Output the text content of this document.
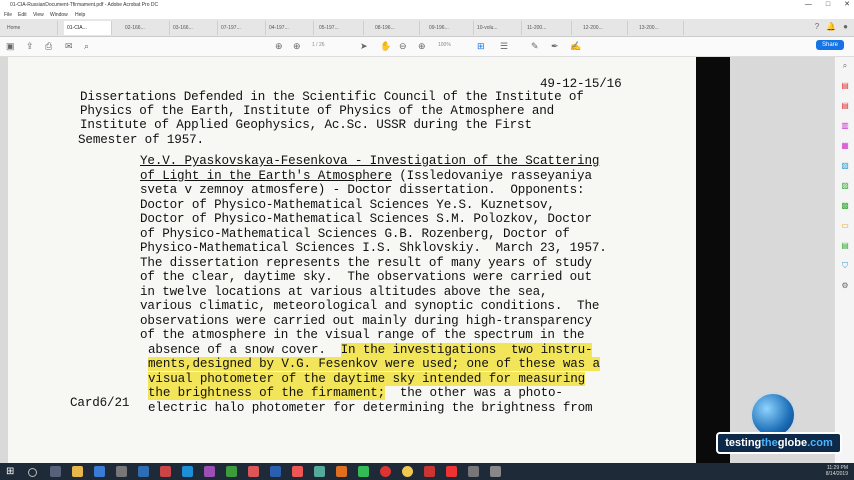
01-CIA-RussianDocument-Tfirmament.pdf - Adobe Acrobat Pro DC	— □ ✕
File Edit View Window Help
? 🔔 ●
Home	01-CIA...	02-166...	03-166...	07-197...	04-197...	05-197...	08-196...	09-196...	10-volu...	11-200...	12-200...	13-200...
▣ ⇪ ⎙ ✉ ⌕	⊕ ⊕ 1 / 26	➤ ✋ ⊖ ⊕ 100%	⊞ ☰	✎ ✒ ✍	Share
Card6/21 electric halo photometer for determining the brightness from
absence of a snow cover.  In the investigations  two instru-
ments,designed by V.G. Fesenkov were used; one of these was a
visual photometer of the daytime sky intended for measuring
the brightness of the firmament;  the other was a photo-
49-12-15/16
Dissertations Defended in the Scientific Council of the Institute of
Physics of the Earth, Institute of Physics of the Atmosphere and
Institute of Applied Geophysics, Ac.Sc. USSR during the First
Semester of 1957.
Ye.V. Pyaskovskaya-Fesenkova - Investigation of the Scattering
of Light in the Earth's Atmosphere (Issledovaniye rasseyaniya
sveta v zemnoy atmosfere) - Doctor dissertation.  Opponents:
Doctor of Physico-Mathematical Sciences Ye.S. Kuznetsov,
Doctor of Physico-Mathematical Sciences S.M. Polozkov, Doctor
of Physico-Mathematical Sciences G.B. Rozenberg, Doctor of
Physico-Mathematical Sciences I.S. Shklovskiy.  March 23, 1957.
The dissertation represents the result of many years of study
of the clear, daytime sky.  The observations were carried out
in twelve locations at various altitudes above the sea,
various climatic, meteorological and synoptic conditions.  The
observations were carried out mainly during high-transparency
of the atmosphere in the visual range of the spectrum in the
⌕
▤
▤
▥
▦
▧
▨
▩
▭
▤
⛉
⚙
testingtheglobe.com
⊞	11:29 PM
8/14/2019
